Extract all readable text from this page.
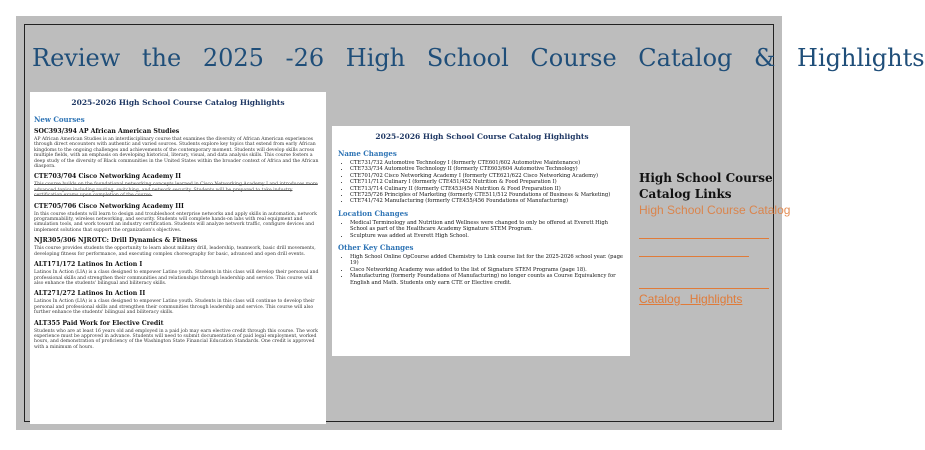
Review the 2025 -26 High School Course Catalog & Highlights
2025-2026 High School Course Catalog Highlights
New Courses
SOC393/394 AP African American Studies
AP African American Studies is an interdisciplinary course that examines the diversity of African American experiences through direct encounters with authentic and varied sources. Students explore key topics that extend from early African kingdoms to the ongoing challenges and achievements of the contemporary moment. Students will develop skills across multiple fields, with an emphasis on developing historical, literary, visual, and data analysis skills. This course fosters a deep study of the diversity of Black communities in the United States within the broader context of Africa and the African diaspora.
CTE703/704 Cisco Networking Academy II
This course builds on the foundational networking concepts learned in Cisco Networking Academy I and introduces more advanced topics including routing, switching, and network security. Students will be prepared to take industry certification exams upon completion of the course.
CTE705/706 Cisco Networking Academy III
In this course students will learn to design and troubleshoot enterprise networks and apply skills in automation, network programmability, wireless networking, and security. Students will complete hands-on labs with real equipment and simulation tools, and work toward an industry certification. Students will analyze network traffic, configure devices and implement solutions that support the organization's objectives.
NJR305/306 NJROTC: Drill Dynamics & Fitness
This course provides students the opportunity to learn about military drill, leadership, teamwork, basic drill movements, developing fitness for performance, and executing complex choreography for basic, advanced and open drill events.
ALT171/172 Latinos In Action I
Latinos In Action (LIA) is a class designed to empower Latino youth. Students in this class will develop their personal and professional skills and strengthen their communities and relationships through leadership and service. This course will also enhance the students' bilingual and biliteracy skills.
ALT271/272 Latinos In Action II
Latinos In Action (LIA) is a class designed to empower Latino youth. Students in this class will continue to develop their personal and professional skills and strengthen their communities through leadership and service. This course will also further enhance the students' bilingual and biliteracy skills.
ALT355 Paid Work for Elective Credit
Students who are at least 16 years old and employed in a paid job may earn elective credit through this course. The work experience must be approved in advance. Students will need to submit documentation of paid legal employment, worked hours, and demonstration of proficiency of the Washington State Financial Education Standards. One credit is approved with a minimum of hours.
2025-2026 High School Course Catalog Highlights
Name Changes
• CTE731/732 Automotive Technology I (formerly CTE601/602 Automotive Maintenance)
• CTE733/734 Automotive Technology II (formerly CTE603/604 Automotive Technology)
• CTE701/702 Cisco Networking Academy I (formerly CTE621/622 Cisco Networking Academy)
• CTE711/712 Culinary I (formerly CTE451/452 Nutrition & Food Preparation I)
• CTE713/714 Culinary II (formerly CTE453/454 Nutrition & Food Preparation II)
• CTE725/726 Principles of Marketing (formerly CTE511/512 Foundations of Business & Marketing)
• CTE741/742 Manufacturing (formerly CTE455/456 Foundations of Manufacturing)
Location Changes
• Medical Terminology and Nutrition and Wellness were changed to only be offered at Everett High School as part of the Healthcare Academy Signature STEM Program.
• Sculpture was added at Everett High School.
Other Key Changes
• High School Online OpCourse added Chemistry to Link course list for the 2025-2026 school year. (page 19)
• Cisco Networking Academy was added to the list of Signature STEM Programs (page 18).
• Manufacturing (formerly Foundations of Manufacturing) no longer counts as Course Equivalency for English and Math. Students only earn CTE or Elective credit.
High School Course Catalog Links
High School Course Catalog
Catalog Highlights
